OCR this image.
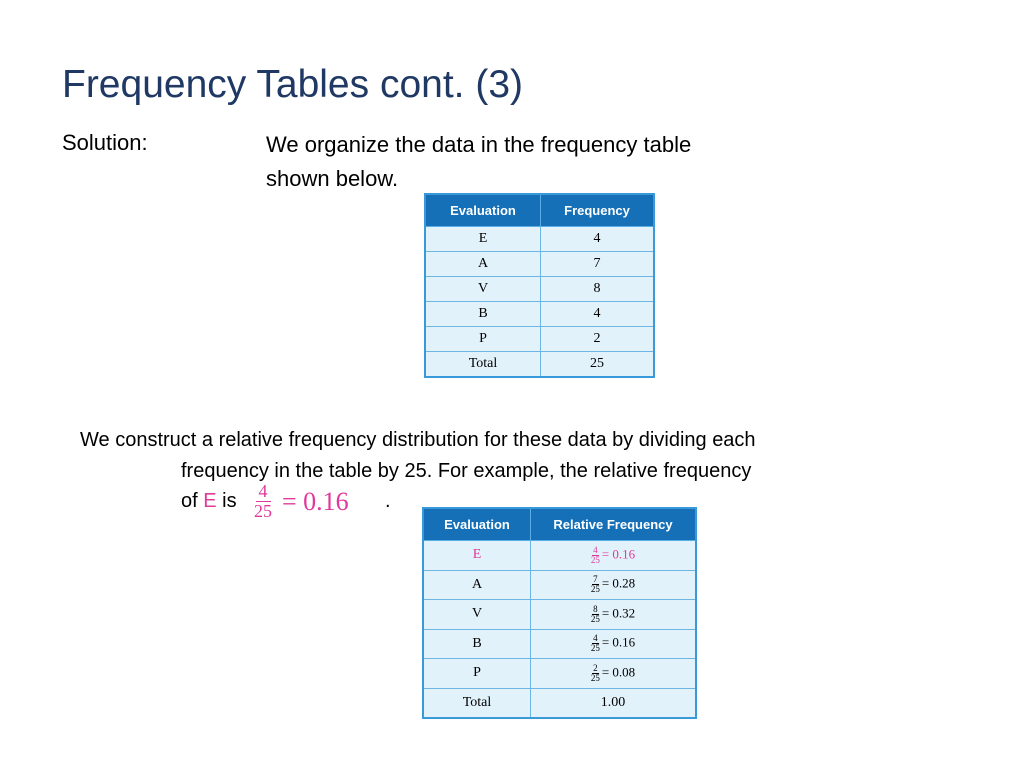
Frequency Tables cont. (3)
Solution:	We organize the data in the frequency table
shown below.
Evaluation	Frequency
E	4
A	7
V	8
B	4
P	2
Total	25
We construct a relative frequency distribution for these data by dividing each
frequency in the table by 25. For example, the relative frequency
of E is $\frac{4}{25} = 0.16$ .
Evaluation	Relative Frequency
E	$\frac{4}{25} = 0.16$
A	$\frac{7}{25} = 0.28$
V	$\frac{8}{25} = 0.32$
B	$\frac{4}{25} = 0.16$
P	$\frac{2}{25} = 0.08$
Total	1.00
